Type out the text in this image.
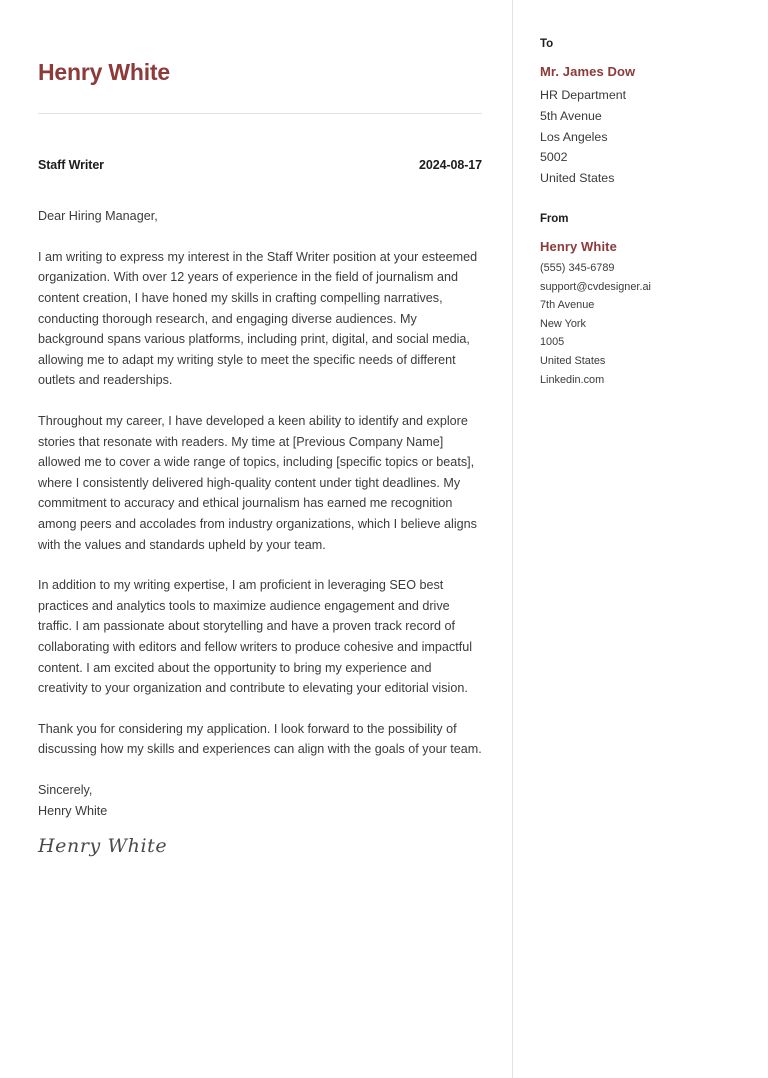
Henry White
Staff Writer	2024-08-17

Dear Hiring Manager,

I am writing to express my interest in the Staff Writer position at your esteemed organization. With over 12 years of experience in the field of journalism and content creation, I have honed my skills in crafting compelling narratives, conducting thorough research, and engaging diverse audiences. My background spans various platforms, including print, digital, and social media, allowing me to adapt my writing style to meet the specific needs of different outlets and readerships.

Throughout my career, I have developed a keen ability to identify and explore stories that resonate with readers. My time at [Previous Company Name] allowed me to cover a wide range of topics, including [specific topics or beats], where I consistently delivered high-quality content under tight deadlines. My commitment to accuracy and ethical journalism has earned me recognition among peers and accolades from industry organizations, which I believe aligns with the values and standards upheld by your team.

In addition to my writing expertise, I am proficient in leveraging SEO best practices and analytics tools to maximize audience engagement and drive traffic. I am passionate about storytelling and have a proven track record of collaborating with editors and fellow writers to produce cohesive and impactful content. I am excited about the opportunity to bring my experience and creativity to your organization and contribute to elevating your editorial vision.

Thank you for considering my application. I look forward to the possibility of discussing how my skills and experiences can align with the goals of your team.

Sincerely,
Henry White
Henry White
To
Mr. James Dow
HR Department
5th Avenue
Los Angeles
5002
United States
From
Henry White
(555) 345-6789
support@cvdesigner.ai
7th Avenue
New York
1005
United States
Linkedin.com
